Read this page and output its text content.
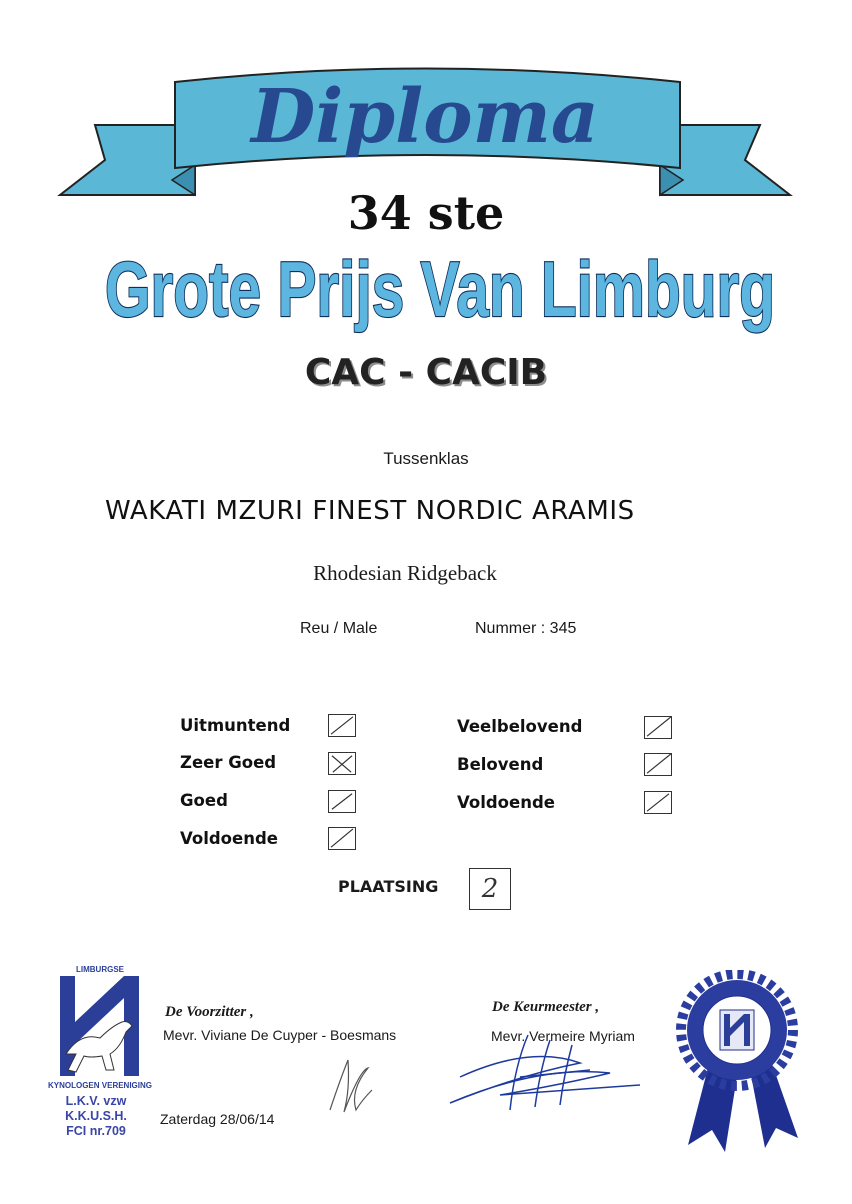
Diploma
34 ste
Grote Prijs Van Limburg
CAC - CACIB
Tussenklas
WAKATI MZURI FINEST NORDIC ARAMIS
Rhodesian Ridgeback
Reu / Male	Nummer : 345
Uitmuntend
Zeer Goed
Goed
Voldoende
Veelbelovend
Belovend
Voldoende
PLAATSING	2
LIMBURGSE
KYNOLOGEN VERENIGING
L.K.V. vzw
K.K.U.S.H.
FCI nr.709
De Voorzitter ,
Mevr. Viviane De Cuyper - Boesmans
De Keurmeester ,
Mevr. Vermeire Myriam
Zaterdag 28/06/14
